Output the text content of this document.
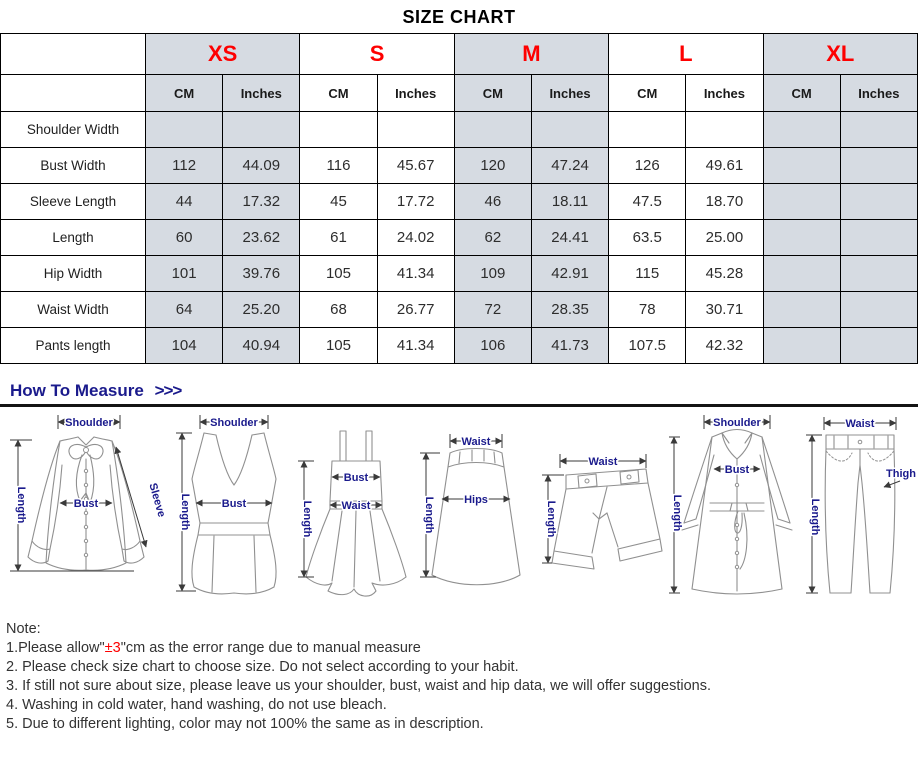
SIZE CHART
	XS		S		M		L		XL	
	CM	Inches	CM	Inches	CM	Inches	CM	Inches	CM	Inches
Shoulder Width										
Bust Width	112	44.09	116	45.67	120	47.24	126	49.61		
Sleeve Length	44	17.32	45	17.72	46	18.11	47.5	18.70		
Length	60	23.62	61	24.02	62	24.41	63.5	25.00		
Hip Width	101	39.76	105	41.34	109	42.91	115	45.28		
Waist Width	64	25.20	68	26.77	72	28.35	78	30.71		
Pants length	104	40.94	105	41.34	106	41.73	107.5	42.32		
How To Measure >>>
Shoulder
Length	Bust	Sleeve
Shoulder
Length	Bust	Length
Bust
Waist
Waist
Hips
Length
Waist
Length
Shoulder
Bust
Length
Waist
Thigh
Length
Note:
1.Please allow"±3"cm as the error range due to manual measure
2. Please check size chart to choose size. Do not select according to your habit.
3. If still not sure about size, please leave us your shoulder, bust, waist and hip data, we will offer suggestions.
4. Washing in cold water, hand washing, do not use bleach.
5. Due to different lighting, color may not 100% the same as in description.
